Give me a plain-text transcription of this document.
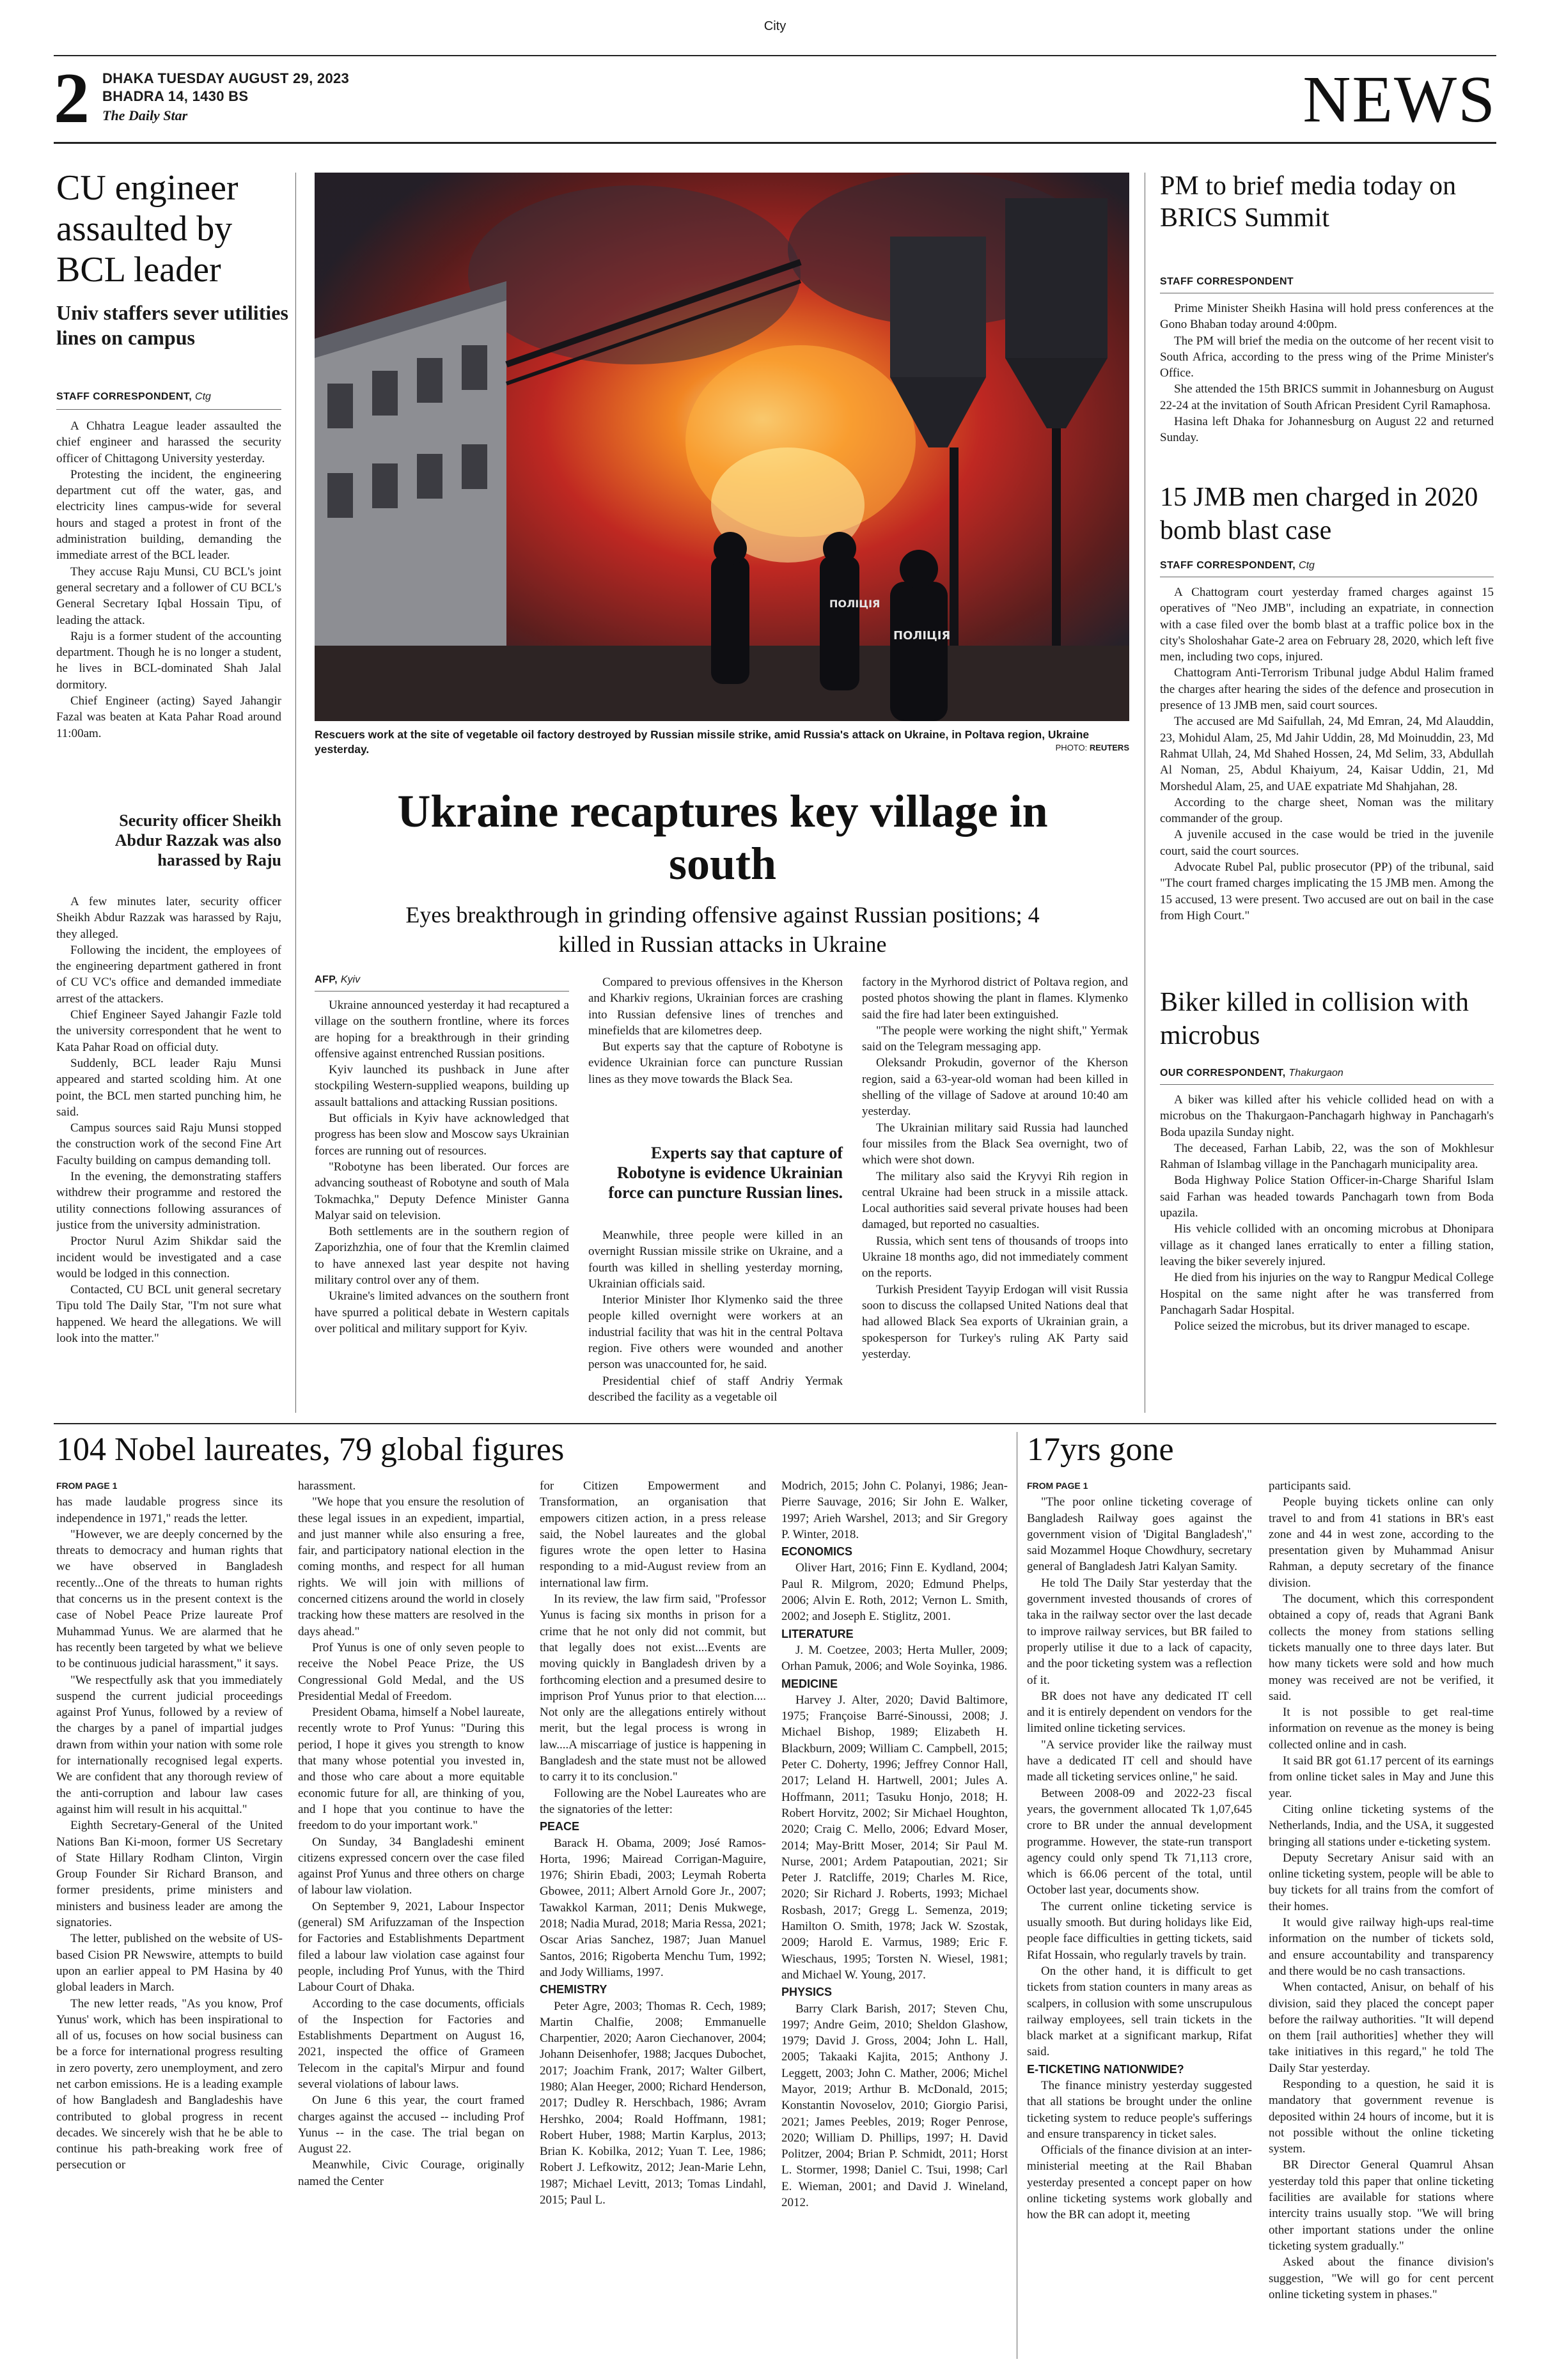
City
2 DHAKA TUESDAY AUGUST 29, 2023
BHADRA 14, 1430 BS
The Daily Star	NEWS
CU engineer assaulted by BCL leader
Univ staffers sever utilities lines on campus
STAFF CORRESPONDENT, Ctg

A Chhatra League leader assaulted the chief engineer and harassed the security officer of Chittagong University yesterday.

Protesting the incident, the engineering department cut off the water, gas, and electricity lines campus-wide for several hours and staged a protest in front of the administration building, demanding the immediate arrest of the BCL leader.

They accuse Raju Munsi, CU BCL's joint general secretary and a follower of CU BCL's General Secretary Iqbal Hossain Tipu, of leading the attack.

Raju is a former student of the accounting department. Though he is no longer a student, he lives in BCL-dominated Shah Jalal dormitory.

Chief Engineer (acting) Sayed Jahangir Fazal was beaten at Kata Pahar Road around 11:00am.

Security officer Sheikh Abdur Razzak was also harassed by Raju

A few minutes later, security officer Sheikh Abdur Razzak was harassed by Raju, they alleged.

Following the incident, the employees of the engineering department gathered in front of CU VC's office and demanded immediate arrest of the attackers.

Chief Engineer Sayed Jahangir Fazle told the university correspondent that he went to Kata Pahar Road on official duty.

Suddenly, BCL leader Raju Munsi appeared and started scolding him. At one point, the BCL men started punching him, he said.

Campus sources said Raju Munsi stopped the construction work of the second Fine Art Faculty building on campus demanding toll.

In the evening, the demonstrating staffers withdrew their programme and restored the utility connections following assurances of justice from the university administration.

Proctor Nurul Azim Shikdar said the incident would be investigated and a case would be lodged in this connection.

Contacted, CU BCL unit general secretary Tipu told The Daily Star, "I'm not sure what happened. We heard the allegations. We will look into the matter."

ПОЛІЦІЯ
ПОЛІЦІЯ
Rescuers work at the site of vegetable oil factory destroyed by Russian missile strike, amid Russia's attack on Ukraine, in Poltava region, Ukraine yesterday.	PHOTO: REUTERS
Ukraine recaptures key village in south
Eyes breakthrough in grinding offensive against Russian positions; 4 killed in Russian attacks in Ukraine
AFP, Kyiv

Ukraine announced yesterday it had recaptured a village on the southern frontline, where its forces are hoping for a breakthrough in their grinding offensive against entrenched Russian positions.

Kyiv launched its pushback in June after stockpiling Western-supplied weapons, building up assault battalions and attacking Russian positions.

But officials in Kyiv have acknowledged that progress has been slow and Moscow says Ukrainian forces are running out of resources.

"Robotyne has been liberated. Our forces are advancing southeast of Robotyne and south of Mala Tokmachka," Deputy Defence Minister Ganna Malyar said on television.

Both settlements are in the southern region of Zaporizhzhia, one of four that the Kremlin claimed to have annexed last year despite not having military control over any of them.

Ukraine's limited advances on the southern front have spurred a political debate in Western capitals over political and military support for Kyiv.

Compared to previous offensives in the Kherson and Kharkiv regions, Ukrainian forces are crashing into Russian defensive lines of trenches and minefields that are kilometres deep.

But experts say that the capture of Robotyne is evidence Ukrainian force can puncture Russian lines as they move towards the Black Sea.

Experts say that capture of Robotyne is evidence Ukrainian force can puncture Russian lines.

Meanwhile, three people were killed in an overnight Russian missile strike on Ukraine, and a fourth was killed in shelling yesterday morning, Ukrainian officials said.

Interior Minister Ihor Klymenko said the three people killed overnight were workers at an industrial facility that was hit in the central Poltava region. Five others were wounded and another person was unaccounted for, he said.

Presidential chief of staff Andriy Yermak described the facility as a vegetable oil

factory in the Myrhorod district of Poltava region, and posted photos showing the plant in flames. Klymenko said the fire had later been extinguished.

"The people were working the night shift," Yermak said on the Telegram messaging app.

Oleksandr Prokudin, governor of the Kherson region, said a 63-year-old woman had been killed in shelling of the village of Sadove at around 10:40 am yesterday.

The Ukrainian military said Russia had launched four missiles from the Black Sea overnight, two of which were shot down.

The military also said the Kryvyi Rih region in central Ukraine had been struck in a missile attack. Local authorities said several private houses had been damaged, but reported no casualties.

Russia, which sent tens of thousands of troops into Ukraine 18 months ago, did not immediately comment on the reports.

Turkish President Tayyip Erdogan will visit Russia soon to discuss the collapsed United Nations deal that had allowed Black Sea exports of Ukrainian grain, a spokesperson for Turkey's ruling AK Party said yesterday.

PM to brief media today on BRICS Summit
STAFF CORRESPONDENT

Prime Minister Sheikh Hasina will hold press conferences at the Gono Bhaban today around 4:00pm.

The PM will brief the media on the outcome of her recent visit to South Africa, according to the press wing of the Prime Minister's Office.

She attended the 15th BRICS summit in Johannesburg on August 22-24 at the invitation of South African President Cyril Ramaphosa.

Hasina left Dhaka for Johannesburg on August 22 and returned Sunday.

15 JMB men charged in 2020 bomb blast case
STAFF CORRESPONDENT, Ctg

A Chattogram court yesterday framed charges against 15 operatives of "Neo JMB", including an expatriate, in connection with a case filed over the bomb blast at a traffic police box in the city's Sholoshahar Gate-2 area on February 28, 2020, which left five men, including two cops, injured.

Chattogram Anti-Terrorism Tribunal judge Abdul Halim framed the charges after hearing the sides of the defence and prosecution in presence of 13 JMB men, said court sources.

The accused are Md Saifullah, 24, Md Emran, 24, Md Alauddin, 23, Mohidul Alam, 25, Md Jahir Uddin, 28, Md Moinuddin, 23, Md Rahmat Ullah, 24, Md Shahed Hossen, 24, Md Selim, 33, Abdullah Al Noman, 25, Abdul Khaiyum, 24, Kaisar Uddin, 21, Md Morshedul Alam, 25, and UAE expatriate Md Shahjahan, 28.

According to the charge sheet, Noman was the military commander of the group.

A juvenile accused in the case would be tried in the juvenile court, said the court sources.

Advocate Rubel Pal, public prosecutor (PP) of the tribunal, said "The court framed charges implicating the 15 JMB men. Among the 15 accused, 13 were present. Two accused are out on bail in the case from High Court."

Biker killed in collision with microbus
OUR CORRESPONDENT, Thakurgaon

A biker was killed after his vehicle collided head on with a microbus on the Thakurgaon-Panchagarh highway in Panchagarh's Boda upazila Sunday night.

The deceased, Farhan Labib, 22, was the son of Mokhlesur Rahman of Islambag village in the Panchagarh municipality area.

Boda Highway Police Station Officer-in-Charge Shariful Islam said Farhan was headed towards Panchagarh town from Boda upazila.

His vehicle collided with an oncoming microbus at Dhonipara village as it changed lanes erratically to enter a filling station, leaving the biker severely injured.

He died from his injuries on the way to Rangpur Medical College Hospital on the same night after he was transferred from Panchagarh Sadar Hospital.

Police seized the microbus, but its driver managed to escape.

104 Nobel laureates, 79 global figures
FROM PAGE 1

has made laudable progress since its independence in 1971," reads the letter.

"However, we are deeply concerned by the threats to democracy and human rights that we have observed in Bangladesh recently...One of the threats to human rights that concerns us in the present context is the case of Nobel Peace Prize laureate Prof Muhammad Yunus. We are alarmed that he has recently been targeted by what we believe to be continuous judicial harassment," it says.

"We respectfully ask that you immediately suspend the current judicial proceedings against Prof Yunus, followed by a review of the charges by a panel of impartial judges drawn from within your nation with some role for internationally recognised legal experts. We are confident that any thorough review of the anti-corruption and labour law cases against him will result in his acquittal."

Eighth Secretary-General of the United Nations Ban Ki-moon, former US Secretary of State Hillary Rodham Clinton, Virgin Group Founder Sir Richard Branson, and former presidents, prime ministers and ministers and business leader are among the signatories.

The letter, published on the website of US-based Cision PR Newswire, attempts to build upon an earlier appeal to PM Hasina by 40 global leaders in March.

The new letter reads, "As you know, Prof Yunus' work, which has been inspirational to all of us, focuses on how social business can be a force for international progress resulting in zero poverty, zero unemployment, and zero net carbon emissions. He is a leading example of how Bangladesh and Bangladeshis have contributed to global progress in recent decades. We sincerely wish that he be able to continue his path-breaking work free of persecution or

harassment.

"We hope that you ensure the resolution of these legal issues in an expedient, impartial, and just manner while also ensuring a free, fair, and participatory national election in the coming months, and respect for all human rights. We will join with millions of concerned citizens around the world in closely tracking how these matters are resolved in the days ahead."

Prof Yunus is one of only seven people to receive the Nobel Peace Prize, the US Congressional Gold Medal, and the US Presidential Medal of Freedom.

President Obama, himself a Nobel laureate, recently wrote to Prof Yunus: "During this period, I hope it gives you strength to know that many whose potential you invested in, and those who care about a more equitable economic future for all, are thinking of you, and I hope that you continue to have the freedom to do your important work."

On Sunday, 34 Bangladeshi eminent citizens expressed concern over the case filed against Prof Yunus and three others on charge of labour law violation.

On September 9, 2021, Labour Inspector (general) SM Arifuzzaman of the Inspection for Factories and Establishments Department filed a labour law violation case against four people, including Prof Yunus, with the Third Labour Court of Dhaka.

According to the case documents, officials of the Inspection for Factories and Establishments Department on August 16, 2021, inspected the office of Grameen Telecom in the capital's Mirpur and found several violations of labour laws.

On June 6 this year, the court framed charges against the accused -- including Prof Yunus -- in the case. The trial began on August 22.

Meanwhile, Civic Courage, originally named the Center

for Citizen Empowerment and Transformation, an organisation that empowers citizen action, in a press release said, the Nobel laureates and the global figures wrote the open letter to Hasina responding to a mid-August review from an international law firm.

In its review, the law firm said, "Professor Yunus is facing six months in prison for a crime that he not only did not commit, but that legally does not exist....Events are moving quickly in Bangladesh driven by a forthcoming election and a presumed desire to imprison Prof Yunus prior to that election.... Not only are the allegations entirely without merit, but the legal process is wrong in law....A miscarriage of justice is happening in Bangladesh and the state must not be allowed to carry it to its conclusion."

Following are the Nobel Laureates who are the signatories of the letter:

PEACE

Barack H. Obama, 2009; José Ramos-Horta, 1996; Mairead Corrigan-Maguire, 1976; Shirin Ebadi, 2003; Leymah Roberta Gbowee, 2011; Albert Arnold Gore Jr., 2007; Tawakkol Karman, 2011; Denis Mukwege, 2018; Nadia Murad, 2018; Maria Ressa, 2021; Oscar Arias Sanchez, 1987; Juan Manuel Santos, 2016; Rigoberta Menchu Tum, 1992; and Jody Williams, 1997.

CHEMISTRY

Peter Agre, 2003; Thomas R. Cech, 1989; Martin Chalfie, 2008; Emmanuelle Charpentier, 2020; Aaron Ciechanover, 2004; Johann Deisenhofer, 1988; Jacques Dubochet, 2017; Joachim Frank, 2017; Walter Gilbert, 1980; Alan Heeger, 2000; Richard Henderson, 2017; Dudley R. Herschbach, 1986; Avram Hershko, 2004; Roald Hoffmann, 1981; Robert Huber, 1988; Martin Karplus, 2013; Brian K. Kobilka, 2012; Yuan T. Lee, 1986; Robert J. Lefkowitz, 2012; Jean-Marie Lehn, 1987; Michael Levitt, 2013; Tomas Lindahl, 2015; Paul L.

Modrich, 2015; John C. Polanyi, 1986; Jean-Pierre Sauvage, 2016; Sir John E. Walker, 1997; Arieh Warshel, 2013; and Sir Gregory P. Winter, 2018.

ECONOMICS

Oliver Hart, 2016; Finn E. Kydland, 2004; Paul R. Milgrom, 2020; Edmund Phelps, 2006; Alvin E. Roth, 2012; Vernon L. Smith, 2002; and Joseph E. Stiglitz, 2001.

LITERATURE

J. M. Coetzee, 2003; Herta Muller, 2009; Orhan Pamuk, 2006; and Wole Soyinka, 1986.

MEDICINE

Harvey J. Alter, 2020; David Baltimore, 1975; Françoise Barré-Sinoussi, 2008; J. Michael Bishop, 1989; Elizabeth H. Blackburn, 2009; William C. Campbell, 2015; Peter C. Doherty, 1996; Jeffrey Connor Hall, 2017; Leland H. Hartwell, 2001; Jules A. Hoffmann, 2011; Tasuku Honjo, 2018; H. Robert Horvitz, 2002; Sir Michael Houghton, 2020; Craig C. Mello, 2006; Edvard Moser, 2014; May-Britt Moser, 2014; Sir Paul M. Nurse, 2001; Ardem Patapoutian, 2021; Sir Peter J. Ratcliffe, 2019; Charles M. Rice, 2020; Sir Richard J. Roberts, 1993; Michael Rosbash, 2017; Gregg L. Semenza, 2019; Hamilton O. Smith, 1978; Jack W. Szostak, 2009; Harold E. Varmus, 1989; Eric F. Wieschaus, 1995; Torsten N. Wiesel, 1981; and Michael W. Young, 2017.

PHYSICS

Barry Clark Barish, 2017; Steven Chu, 1997; Andre Geim, 2010; Sheldon Glashow, 1979; David J. Gross, 2004; John L. Hall, 2005; Takaaki Kajita, 2015; Anthony J. Leggett, 2003; John C. Mather, 2006; Michel Mayor, 2019; Arthur B. McDonald, 2015; Konstantin Novoselov, 2010; Giorgio Parisi, 2021; James Peebles, 2019; Roger Penrose, 2020; William D. Phillips, 1997; H. David Politzer, 2004; Brian P. Schmidt, 2011; Horst L. Stormer, 1998; Daniel C. Tsui, 1998; Carl E. Wieman, 2001; and David J. Wineland, 2012.

17yrs gone
FROM PAGE 1

"The poor online ticketing coverage of Bangladesh Railway goes against the government vision of 'Digital Bangladesh'," said Mozammel Hoque Chowdhury, secretary general of Bangladesh Jatri Kalyan Samity.

He told The Daily Star yesterday that the government invested thousands of crores of taka in the railway sector over the last decade to improve railway services, but BR failed to properly utilise it due to a lack of capacity, and the poor ticketing system was a reflection of it.

BR does not have any dedicated IT cell and it is entirely dependent on vendors for the limited online ticketing services.

"A service provider like the railway must have a dedicated IT cell and should have made all ticketing services online," he said.

Between 2008-09 and 2022-23 fiscal years, the government allocated Tk 1,07,645 crore to BR under the annual development programme. However, the state-run transport agency could only spend Tk 71,113 crore, which is 66.06 percent of the total, until October last year, documents show.

The current online ticketing service is usually smooth. But during holidays like Eid, people face difficulties in getting tickets, said Rifat Hossain, who regularly travels by train.

On the other hand, it is difficult to get tickets from station counters in many areas as scalpers, in collusion with some unscrupulous railway employees, sell train tickets in the black market at a significant markup, Rifat said.

E-TICKETING NATIONWIDE?

The finance ministry yesterday suggested that all stations be brought under the online ticketing system to reduce people's sufferings and ensure transparency in ticket sales.

Officials of the finance division at an inter-ministerial meeting at the Rail Bhaban yesterday presented a concept paper on how online ticketing systems work globally and how the BR can adopt it, meeting

participants said.

People buying tickets online can only travel to and from 41 stations in BR's east zone and 44 in west zone, according to the presentation given by Muhammad Anisur Rahman, a deputy secretary of the finance division.

The document, which this correspondent obtained a copy of, reads that Agrani Bank collects the money from stations selling tickets manually one to three days later. But how many tickets were sold and how much money was received are not be verified, it said.

It is not possible to get real-time information on revenue as the money is being collected online and in cash.

It said BR got 61.17 percent of its earnings from online ticket sales in May and June this year.

Citing online ticketing systems of the Netherlands, India, and the USA, it suggested bringing all stations under e-ticketing system.

Deputy Secretary Anisur said with an online ticketing system, people will be able to buy tickets for all trains from the comfort of their homes.

It would give railway high-ups real-time information on the number of tickets sold, and ensure accountability and transparency and there would be no cash transactions.

When contacted, Anisur, on behalf of his division, said they placed the concept paper before the railway authorities. "It will depend on them [rail authorities] whether they will take initiatives in this regard," he told The Daily Star yesterday.

Responding to a question, he said it is mandatory that government revenue is deposited within 24 hours of income, but it is not possible without the online ticketing system.

BR Director General Quamrul Ahsan yesterday told this paper that online ticketing facilities are available for stations where intercity trains usually stop. "We will bring other important stations under the online ticketing system gradually."

Asked about the finance division's suggestion, "We will go for cent percent online ticketing system in phases."
